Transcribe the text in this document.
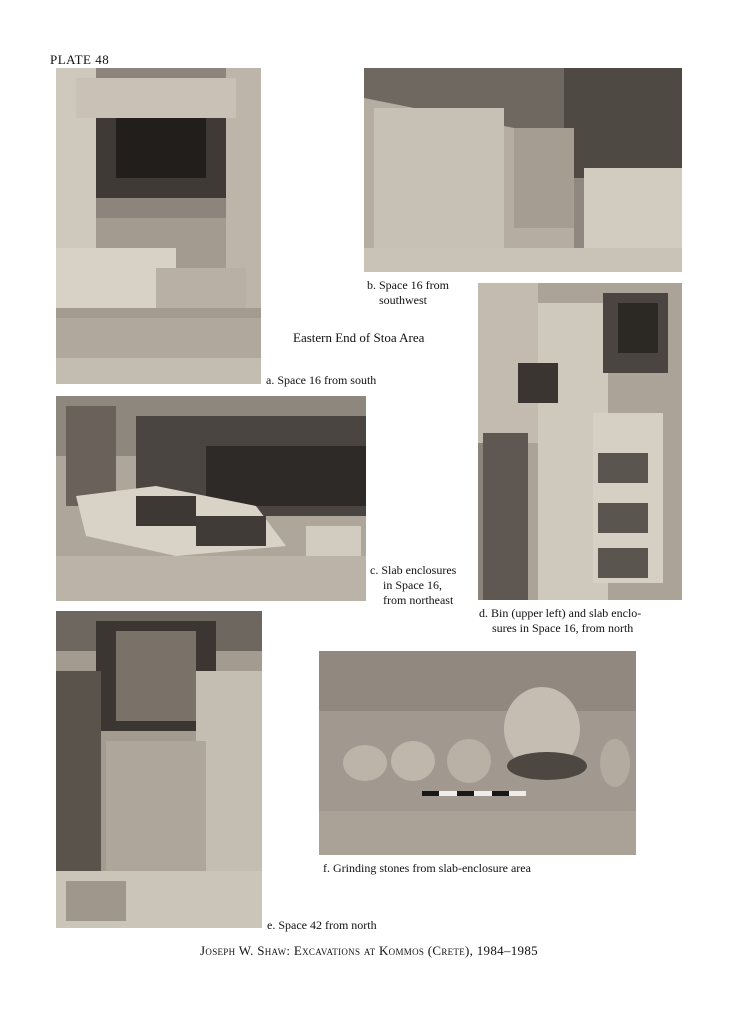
PLATE 48
b. Space 16 from
southwest
Eastern End of Stoa Area
a. Space 16 from south
c. Slab enclosures
in Space 16,
from northeast
d. Bin (upper left) and slab enclo-
sures in Space 16, from north
f. Grinding stones from slab-enclosure area
e. Space 42 from north
Joseph W. Shaw: Excavations at Kommos (Crete), 1984–1985
